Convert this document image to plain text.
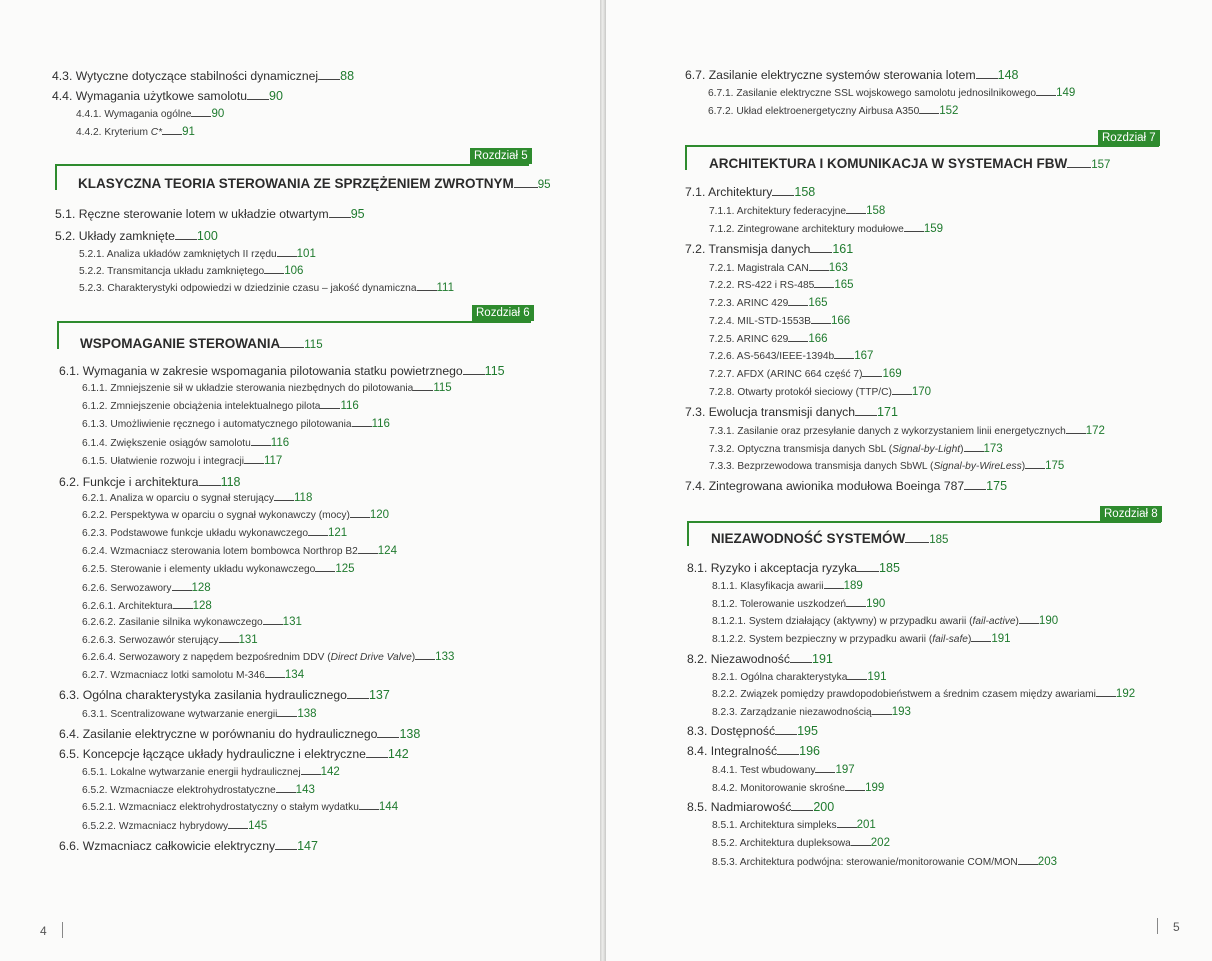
4.3. Wytyczne dotyczące stabilności dynamicznej 88
4.4. Wymagania użytkowe samolotu 90
4.4.1. Wymagania ogólne 90
4.4.2. Kryterium C* 91
Rozdział 5
KLASYCZNA TEORIA STEROWANIA ZE SPRZĘŻENIEM ZWROTNYM 95
5.1. Ręczne sterowanie lotem w układzie otwartym 95
5.2. Układy zamknięte 100
5.2.1. Analiza układów zamkniętych II rzędu 101
5.2.2. Transmitancja układu zamkniętego 106
5.2.3. Charakterystyki odpowiedzi w dziedzinie czasu – jakość dynamiczna 111
Rozdział 6
WSPOMAGANIE STEROWANIA 115
6.1. Wymagania w zakresie wspomagania pilotowania statku powietrznego 115
6.1.1. Zmniejszenie sił w układzie sterowania niezbędnych do pilotowania 115
6.1.2. Zmniejszenie obciążenia intelektualnego pilota 116
6.1.3. Umożliwienie ręcznego i automatycznego pilotowania 116
6.1.4. Zwiększenie osiągów samolotu 116
6.1.5. Ułatwienie rozwoju i integracji 117
6.2. Funkcje i architektura 118
6.2.1. Analiza w oparciu o sygnał sterujący 118
6.2.2. Perspektywa w oparciu o sygnał wykonawczy (mocy) 120
6.2.3. Podstawowe funkcje układu wykonawczego 121
6.2.4. Wzmacniacz sterowania lotem bombowca Northrop B2 124
6.2.5. Sterowanie i elementy układu wykonawczego 125
6.2.6. Serwozawory 128
6.2.6.1. Architektura 128
6.2.6.2. Zasilanie silnika wykonawczego 131
6.2.6.3. Serwozawór sterujący 131
6.2.6.4. Serwozawory z napędem bezpośrednim DDV (Direct Drive Valve) 133
6.2.7. Wzmacniacz lotki samolotu M-346 134
6.3. Ogólna charakterystyka zasilania hydraulicznego 137
6.3.1. Scentralizowane wytwarzanie energii 138
6.4. Zasilanie elektryczne w porównaniu do hydraulicznego 138
6.5. Koncepcje łączące układy hydrauliczne i elektryczne 142
6.5.1. Lokalne wytwarzanie energii hydraulicznej 142
6.5.2. Wzmacniacze elektrohydrostatyczne 143
6.5.2.1. Wzmacniacz elektrohydrostatyczny o stałym wydatku 144
6.5.2.2. Wzmacniacz hybrydowy 145
6.6. Wzmacniacz całkowicie elektryczny 147
4
6.7. Zasilanie elektryczne systemów sterowania lotem 148
6.7.1. Zasilanie elektryczne SSL wojskowego samolotu jednosilnikowego 149
6.7.2. Układ elektroenergetyczny Airbusa A350 152
Rozdział 7
ARCHITEKTURA I KOMUNIKACJA W SYSTEMACH FBW 157
7.1. Architektury 158
7.1.1. Architektury federacyjne 158
7.1.2. Zintegrowane architektury modułowe 159
7.2. Transmisja danych 161
7.2.1. Magistrala CAN 163
7.2.2. RS-422 i RS-485 165
7.2.3. ARINC 429 165
7.2.4. MIL-STD-1553B 166
7.2.5. ARINC 629 166
7.2.6. AS-5643/IEEE-1394b 167
7.2.7. AFDX (ARINC 664 część 7) 169
7.2.8. Otwarty protokół sieciowy (TTP/C) 170
7.3. Ewolucja transmisji danych 171
7.3.1. Zasilanie oraz przesyłanie danych z wykorzystaniem linii energetycznych 172
7.3.2. Optyczna transmisja danych SbL (Signal-by-Light) 173
7.3.3. Bezprzewodowa transmisja danych SbWL (Signal-by-WireLess) 175
7.4. Zintegrowana awionika modułowa Boeinga 787 175
Rozdział 8
NIEZAWODNOŚĆ SYSTEMÓW 185
8.1. Ryzyko i akceptacja ryzyka 185
8.1.1. Klasyfikacja awarii 189
8.1.2. Tolerowanie uszkodzeń 190
8.1.2.1. System działający (aktywny) w przypadku awarii (fail-active) 190
8.1.2.2. System bezpieczny w przypadku awarii (fail-safe) 191
8.2. Niezawodność 191
8.2.1. Ogólna charakterystyka 191
8.2.2. Związek pomiędzy prawdopodobieństwem a średnim czasem między awariami 192
8.2.3. Zarządzanie niezawodnością 193
8.3. Dostępność 195
8.4. Integralność 196
8.4.1. Test wbudowany 197
8.4.2. Monitorowanie skrośne 199
8.5. Nadmiarowość 200
8.5.1. Architektura simpleks 201
8.5.2. Architektura dupleksowa 202
8.5.3. Architektura podwójna: sterowanie/monitorowanie COM/MON 203
5
